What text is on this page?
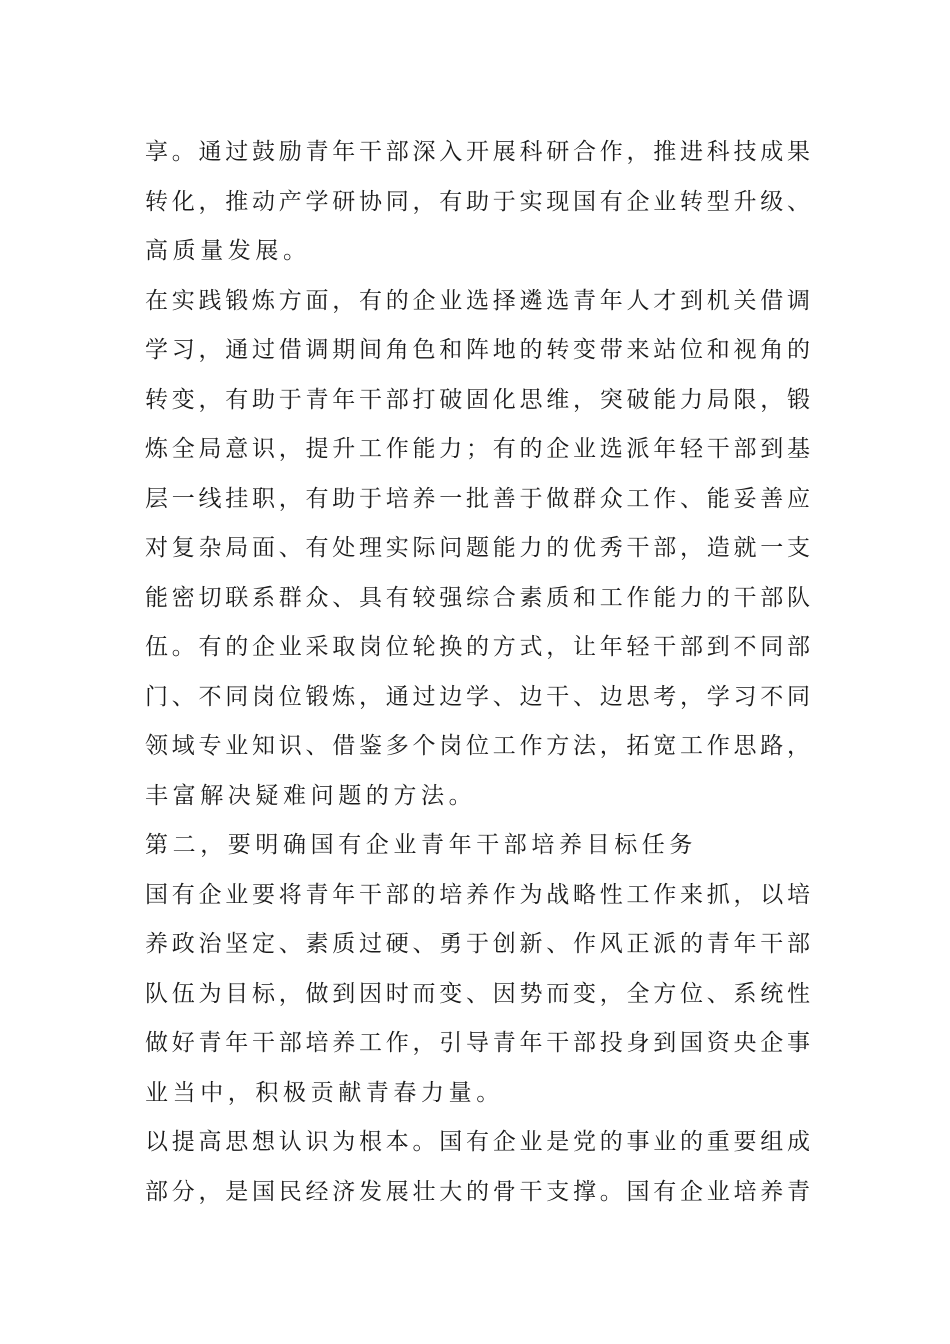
享。通过鼓励青年干部深入开展科研合作，推进科技成果
转化，推动产学研协同，有助于实现国有企业转型升级、
高质量发展。
在实践锻炼方面，有的企业选择遴选青年人才到机关借调
学习，通过借调期间角色和阵地的转变带来站位和视角的
转变，有助于青年干部打破固化思维，突破能力局限，锻
炼全局意识，提升工作能力；有的企业选派年轻干部到基
层一线挂职，有助于培养一批善于做群众工作、能妥善应
对复杂局面、有处理实际问题能力的优秀干部，造就一支
能密切联系群众、具有较强综合素质和工作能力的干部队
伍。有的企业采取岗位轮换的方式，让年轻干部到不同部
门、不同岗位锻炼，通过边学、边干、边思考，学习不同
领域专业知识、借鉴多个岗位工作方法，拓宽工作思路，
丰富解决疑难问题的方法。
第二，要明确国有企业青年干部培养目标任务
国有企业要将青年干部的培养作为战略性工作来抓，以培
养政治坚定、素质过硬、勇于创新、作风正派的青年干部
队伍为目标，做到因时而变、因势而变，全方位、系统性
做好青年干部培养工作，引导青年干部投身到国资央企事
业当中，积极贡献青春力量。
以提高思想认识为根本。国有企业是党的事业的重要组成
部分，是国民经济发展壮大的骨干支撑。国有企业培养青
